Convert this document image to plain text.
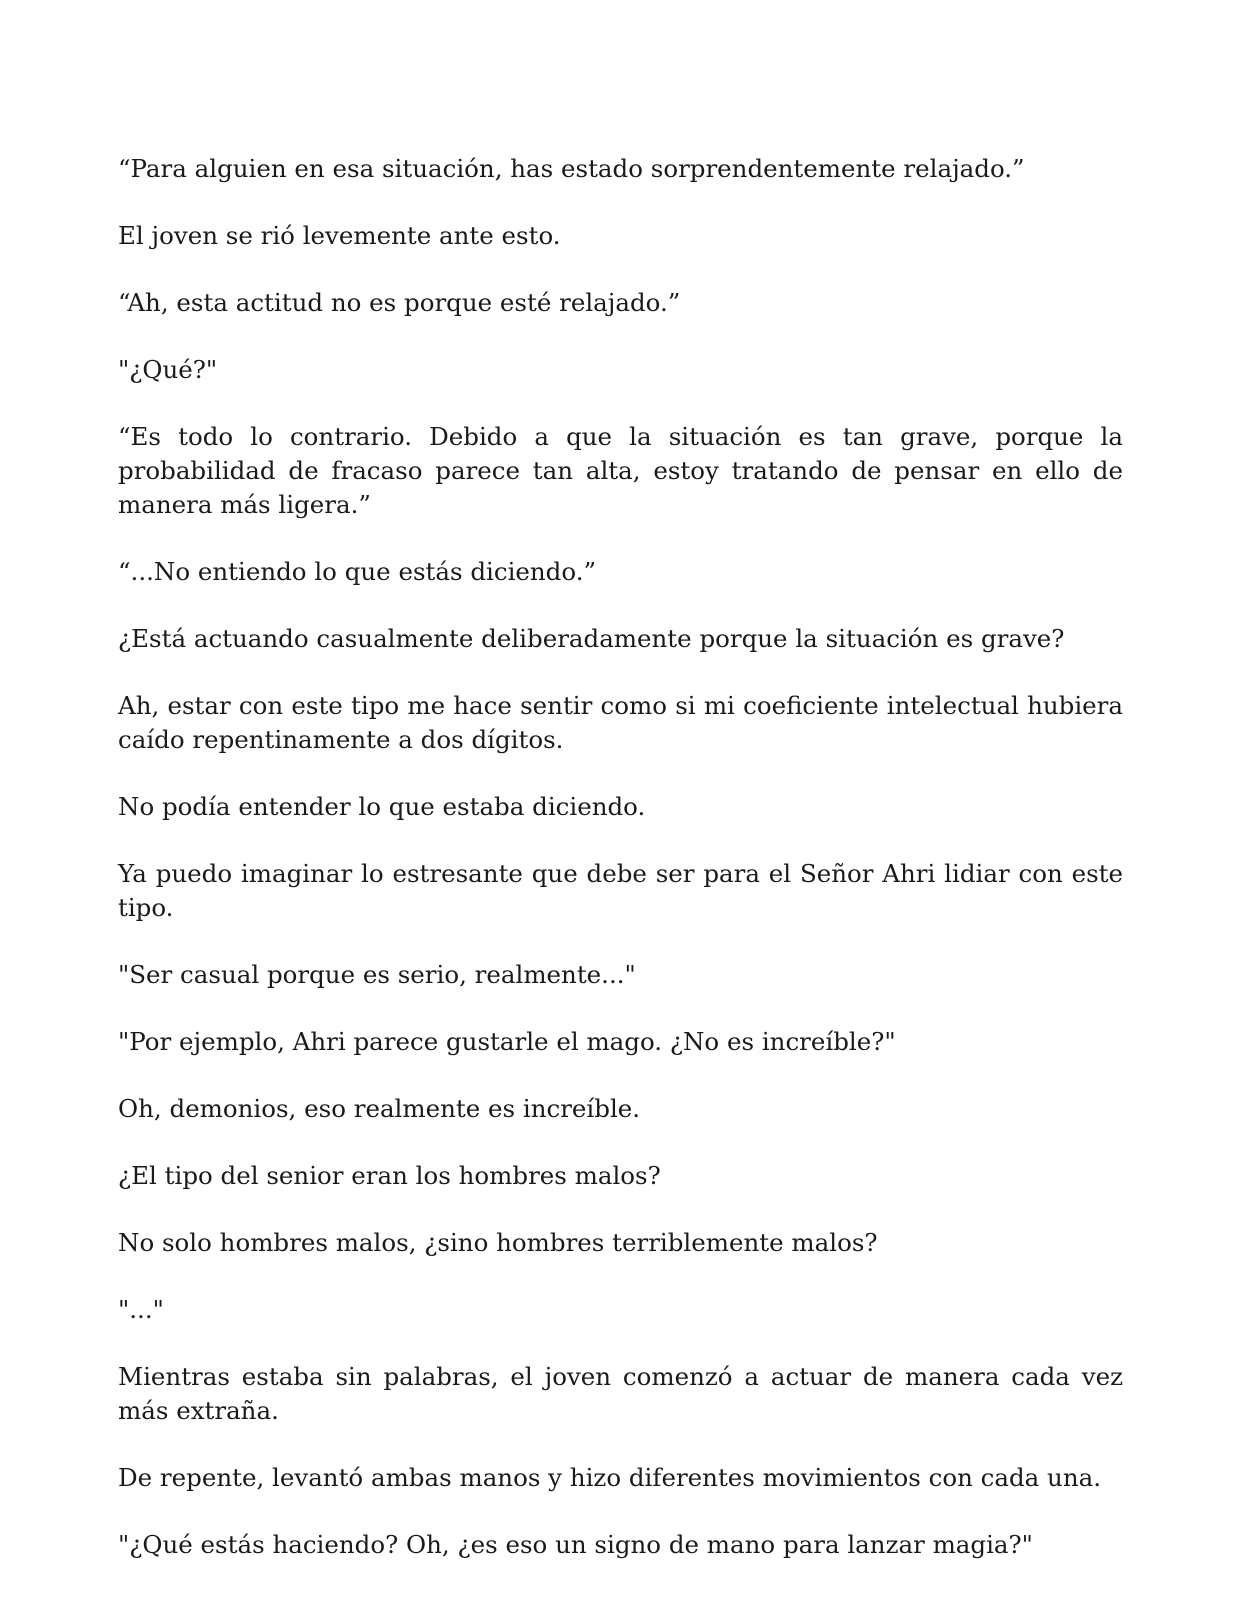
“Para alguien en esa situación, has estado sorprendentemente relajado.”

El joven se rió levemente ante esto.

“Ah, esta actitud no es porque esté relajado.”

"¿Qué?"

“Es todo lo contrario. Debido a que la situación es tan grave, porque la probabilidad de fracaso parece tan alta, estoy tratando de pensar en ello de manera más ligera.”

“...No entiendo lo que estás diciendo.”

¿Está actuando casualmente deliberadamente porque la situación es grave?

Ah, estar con este tipo me hace sentir como si mi coeficiente intelectual hubiera caído repentinamente a dos dígitos.

No podía entender lo que estaba diciendo.

Ya puedo imaginar lo estresante que debe ser para el Señor Ahri lidiar con este tipo.

"Ser casual porque es serio, realmente..."

"Por ejemplo, Ahri parece gustarle el mago. ¿No es increíble?"

Oh, demonios, eso realmente es increíble.

¿El tipo del senior eran los hombres malos?

No solo hombres malos, ¿sino hombres terriblemente malos?

"..."

Mientras estaba sin palabras, el joven comenzó a actuar de manera cada vez más extraña.

De repente, levantó ambas manos y hizo diferentes movimientos con cada una.

"¿Qué estás haciendo? Oh, ¿es eso un signo de mano para lanzar magia?"
